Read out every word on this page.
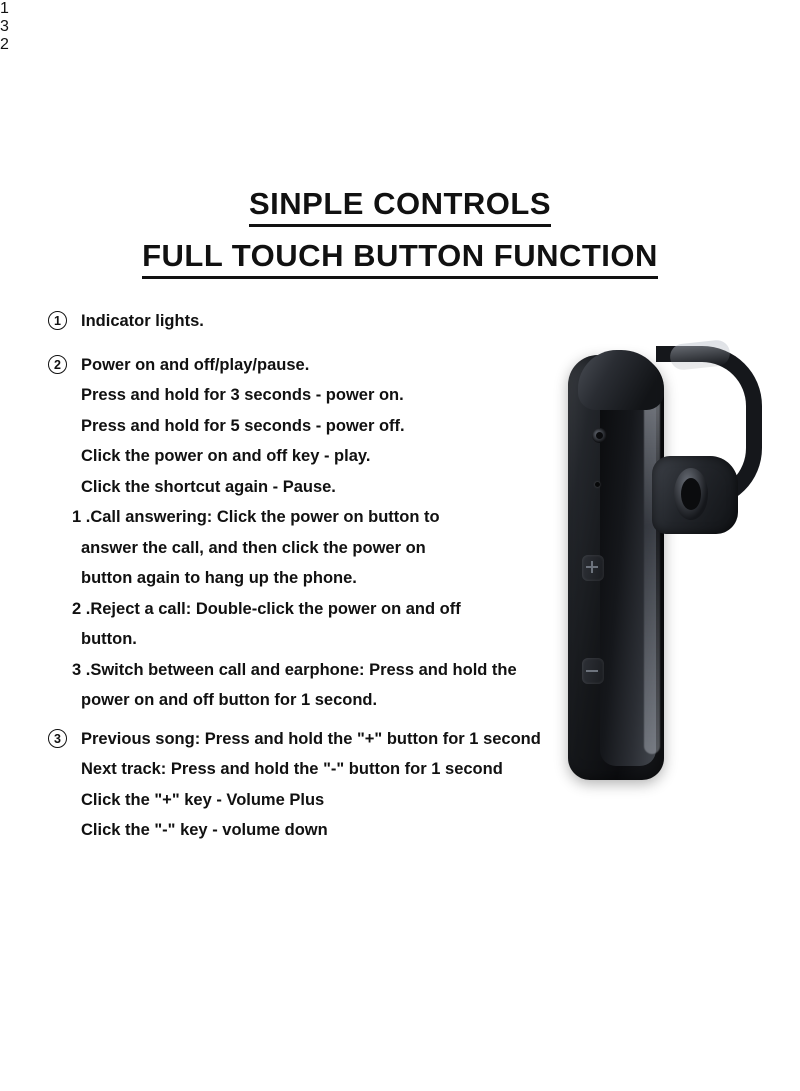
SINPLE CONTROLS
FULL TOUCH BUTTON FUNCTION
1	Indicator lights.
2	Power on and off/play/pause.
Press and hold for 3 seconds - power on.
Press and hold for 5 seconds - power off.
Click the power on and off key - play.
Click the shortcut again - Pause.
1 .Call answering: Click the power on button to
answer the call, and then click the power on
button again to hang up the phone.
2 .Reject a call: Double-click the power on and off
button.
3 .Switch between call and earphone: Press and hold the
power on and off button for 1 second.
3	Previous song: Press and hold the "+" button for 1 second
Next track: Press and hold the "-" button for 1 second
Click the "+" key - Volume Plus
Click the "-" key - volume down
1
3
2
